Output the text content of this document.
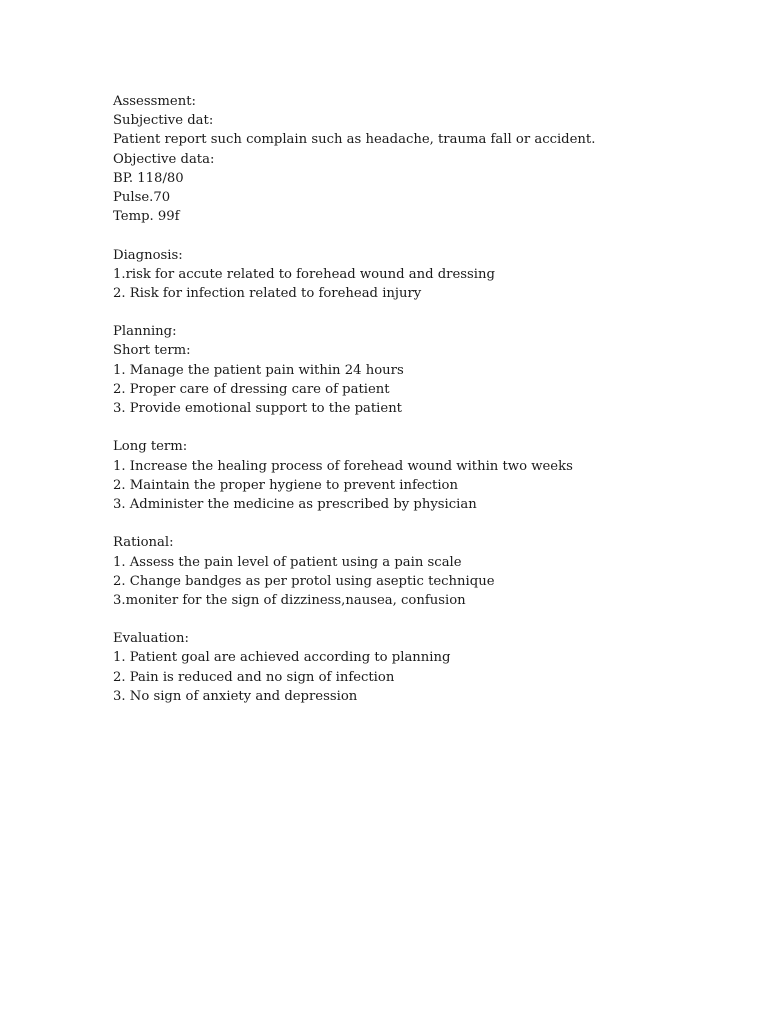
Assessment:
Subjective dat:
Patient report such complain such as headache, trauma fall or accident.
Objective data:
BP. 118/80
Pulse.70
Temp. 99f
Diagnosis:
1.risk for accute related to forehead wound and dressing
2. Risk for infection related to forehead injury
Planning:
Short term:
1. Manage the patient pain within 24 hours
2. Proper care of dressing care of patient
3. Provide emotional support to the patient
Long term:
1. Increase the healing process of forehead wound within two weeks
2. Maintain the proper hygiene to prevent infection
3. Administer the medicine as prescribed by physician
Rational:
1. Assess the pain level of patient using a pain scale
2. Change bandges as per protol using aseptic technique
3.moniter for the sign of dizziness,nausea, confusion
Evaluation:
1. Patient goal are achieved according to planning
2. Pain is reduced and no sign of infection
3. No sign of anxiety and depression
